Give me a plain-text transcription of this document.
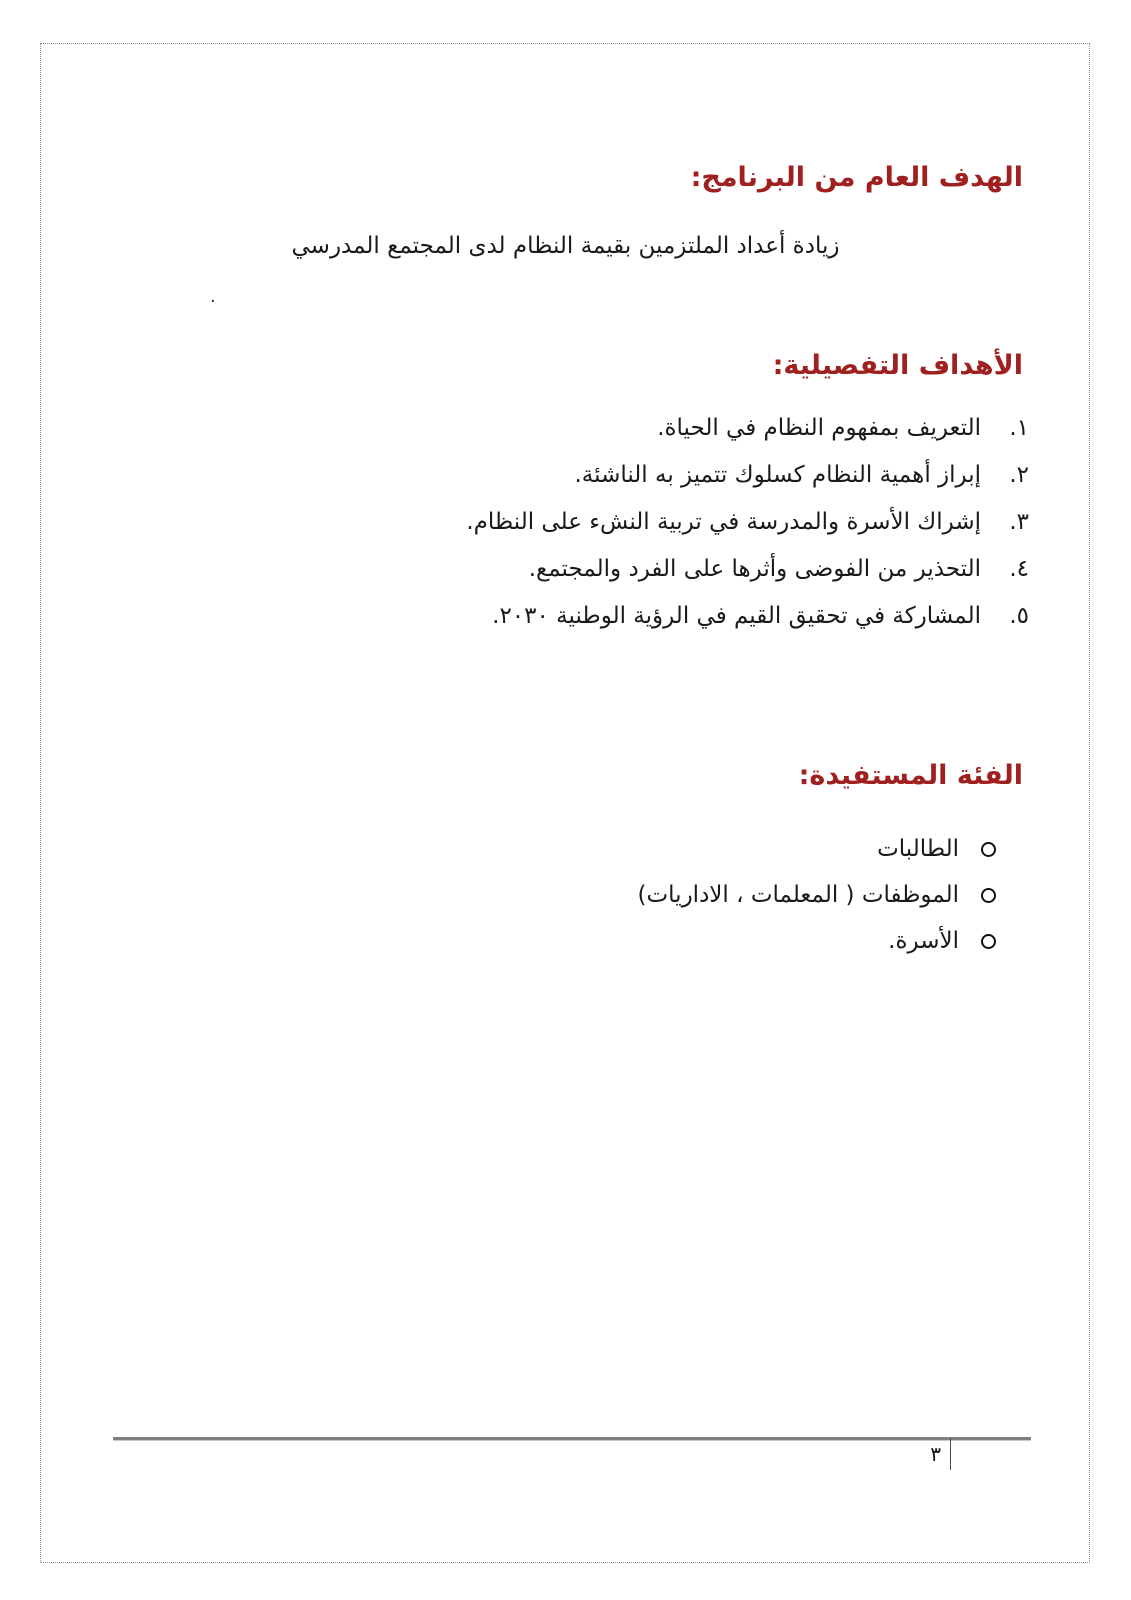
الهدف العام من البرنامج:
زيادة أعداد الملتزمين بقيمة النظام لدى المجتمع المدرسي
.
الأهداف التفصيلية:
١.
التعريف بمفهوم النظام في الحياة.
٢.
إبراز أهمية النظام كسلوك تتميز به الناشئة.
٣.
إشراك الأسرة والمدرسة في تربية النشء على النظام.
٤.
التحذير من الفوضى وأثرها على الفرد والمجتمع.
٥.
المشاركة في تحقيق القيم في الرؤية الوطنية ٢٠٣٠.
الفئة المستفيدة:
الطالبات
الموظفات ( المعلمات ، الاداريات)
الأسرة.
٣
